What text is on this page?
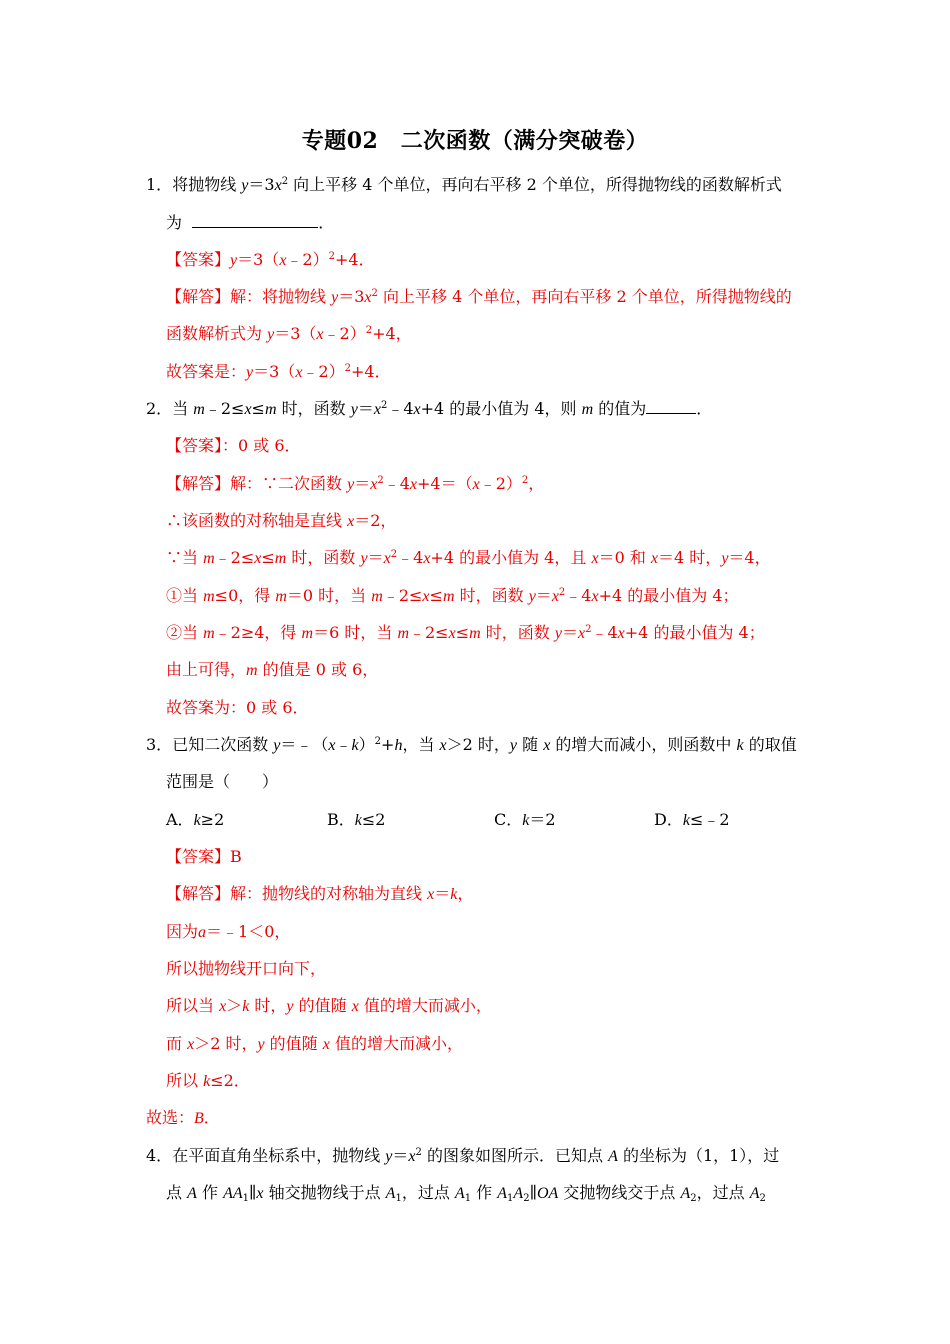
专题02　二次函数（满分突破卷）
1．将抛物线 $y=3x^2$ 向上平移 4 个单位，再向右平移 2 个单位，所得抛物线的函数解析式
为	．
【答案】y＝3（x﹣2）$^2$+4．
【解答】解：将抛物线 $y=3x^2$ 向上平移 4 个单位，再向右平移 2 个单位，所得抛物线的
函数解析式为 y＝3（x﹣2）$^2$+4，
故答案是：y＝3（x﹣2）$^2$+4．
2．当 m﹣2≤x≤m 时，函数 $y=x^2﹣4x+4$ 的最小值为 4，则 m 的值为	．
【答案】：0 或 6．
【解答】解：∵二次函数 $y=x^2﹣4x+4=(x﹣2)^2$，
∴该函数的对称轴是直线 x＝2，
∵当 m﹣2≤x≤m 时，函数 $y=x^2﹣4x+4$ 的最小值为 4，且 x＝0 和 x＝4 时，y＝4，
①当 m≤0，得 m＝0 时，当 m﹣2≤x≤m 时，函数 $y=x^2﹣4x+4$ 的最小值为 4；
②当 m﹣2≥4，得 m＝6 时，当 m﹣2≤x≤m 时，函数 $y=x^2﹣4x+4$ 的最小值为 4；
由上可得，m 的值是 0 或 6，
故答案为：0 或 6．
3．已知二次函数 y＝﹣（x﹣k）$^2$+h，当 x＞2 时，y 随 x 的增大而减小，则函数中 k 的取值
范围是（　　）
A．k≥2	B．k≤2	C．k＝2	D．k≤﹣2
【答案】B
【解答】解：抛物线的对称轴为直线 x＝k，
因为a＝﹣1＜0，
所以抛物线开口向下，
所以当 x＞k 时，y 的值随 x 值的增大而减小，
而 x＞2 时，y 的值随 x 值的增大而减小，
所以 k≤2．
故选：B．
4．在平面直角坐标系中，抛物线 $y=x^2$ 的图象如图所示．已知点 A 的坐标为（1，1），过
点 A 作 $AA_1\parallel x$ 轴交抛物线于点 $A_1$，过点 $A_1$ 作 $A_1A_2\parallel OA$ 交抛物线交于点 $A_2$，过点 $A_2$
